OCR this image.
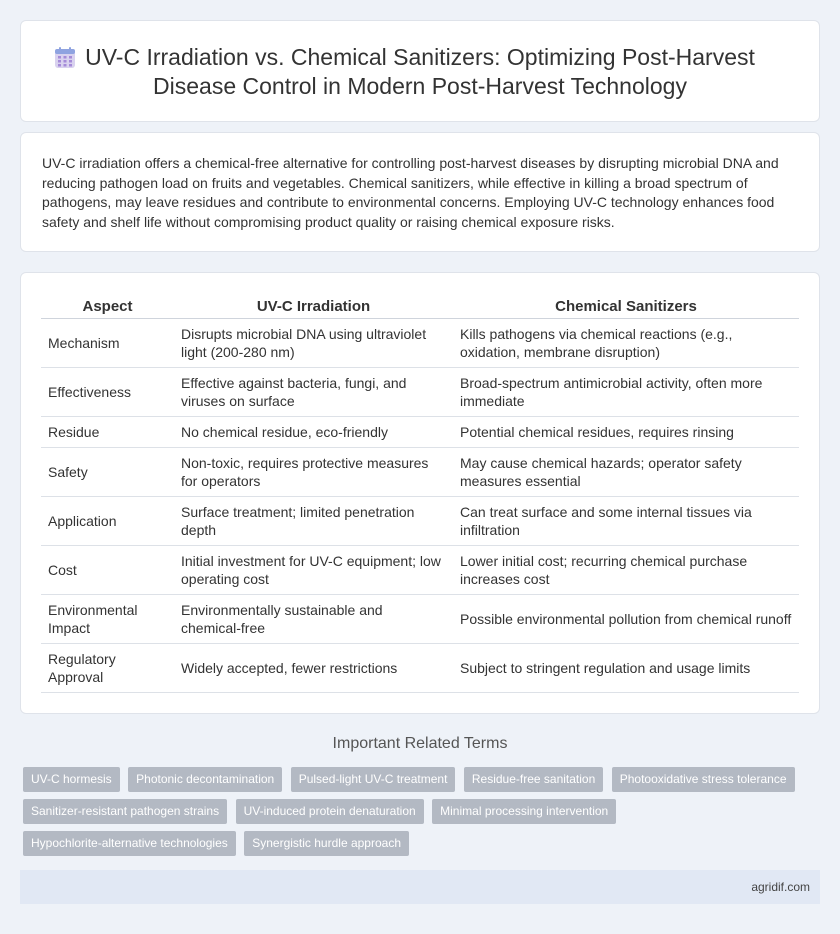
UV-C Irradiation vs. Chemical Sanitizers: Optimizing Post-Harvest
Disease Control in Modern Post-Harvest Technology

UV-C irradiation offers a chemical-free alternative for controlling post-harvest diseases by disrupting microbial DNA and reducing pathogen load on fruits and vegetables. Chemical sanitizers, while effective in killing a broad spectrum of pathogens, may leave residues and contribute to environmental concerns. Employing UV-C technology enhances food safety and shelf life without compromising product quality or raising chemical exposure risks.

Aspect	UV-C Irradiation	Chemical Sanitizers
Mechanism	Disrupts microbial DNA using ultraviolet light (200-280 nm)	Kills pathogens via chemical reactions (e.g., oxidation, membrane disruption)
Effectiveness	Effective against bacteria, fungi, and viruses on surface	Broad-spectrum antimicrobial activity, often more immediate
Residue	No chemical residue, eco-friendly	Potential chemical residues, requires rinsing
Safety	Non-toxic, requires protective measures for operators	May cause chemical hazards; operator safety measures essential
Application	Surface treatment; limited penetration depth	Can treat surface and some internal tissues via infiltration
Cost	Initial investment for UV-C equipment; low operating cost	Lower initial cost; recurring chemical purchase increases cost
Environmental Impact	Environmentally sustainable and chemical-free	Possible environmental pollution from chemical runoff
Regulatory Approval	Widely accepted, fewer restrictions	Subject to stringent regulation and usage limits
Important Related Terms
UV-C hormesis Photonic decontamination Pulsed-light UV-C treatment Residue-free sanitation Photooxidative stress tolerance Sanitizer-resistant pathogen strains UV-induced protein denaturation Minimal processing intervention Hypochlorite-alternative technologies Synergistic hurdle approach
agridif.com
